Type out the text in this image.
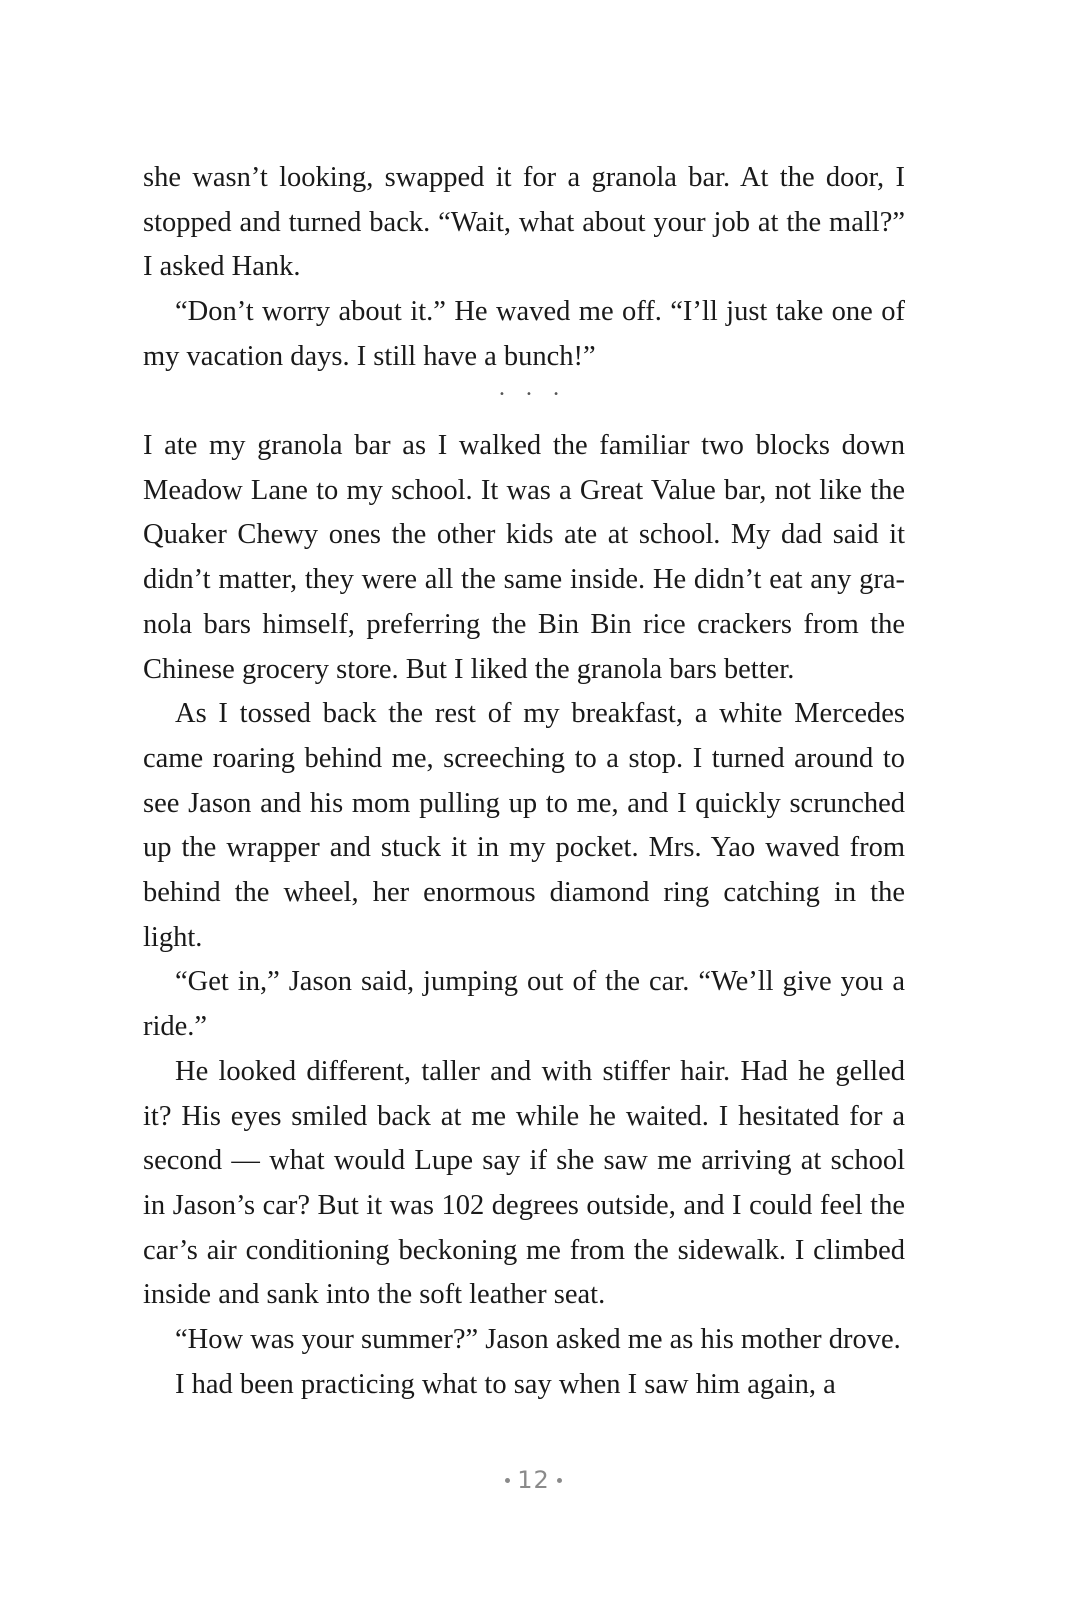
she wasn’t looking, swapped it for a granola bar. At the door, I stopped and turned back. “Wait, what about your job at the mall?” I asked Hank.

“Don’t worry about it.” He waved me off. “I’ll just take one of my vacation days. I still have a bunch!”

• • •

I ate my granola bar as I walked the familiar two blocks down Meadow Lane to my school. It was a Great Value bar, not like the Quaker Chewy ones the other kids ate at school. My dad said it didn’t matter, they were all the same inside. He didn’t eat any granola bars himself, preferring the Bin Bin rice crackers from the Chinese grocery store. But I liked the granola bars better.

As I tossed back the rest of my breakfast, a white Mercedes came roaring behind me, screeching to a stop. I turned around to see Jason and his mom pulling up to me, and I quickly scrunched up the wrapper and stuck it in my pocket. Mrs. Yao waved from behind the wheel, her enormous diamond ring catching in the light.

“Get in,” Jason said, jumping out of the car. “We’ll give you a ride.”

He looked different, taller and with stiffer hair. Had he gelled it? His eyes smiled back at me while he waited. I hesitated for a second — what would Lupe say if she saw me arriving at school in Jason’s car? But it was 102 degrees outside, and I could feel the car’s air conditioning beckoning me from the sidewalk. I climbed inside and sank into the soft leather seat.

“How was your summer?” Jason asked me as his mother drove.

I had been practicing what to say when I saw him again, a

12
